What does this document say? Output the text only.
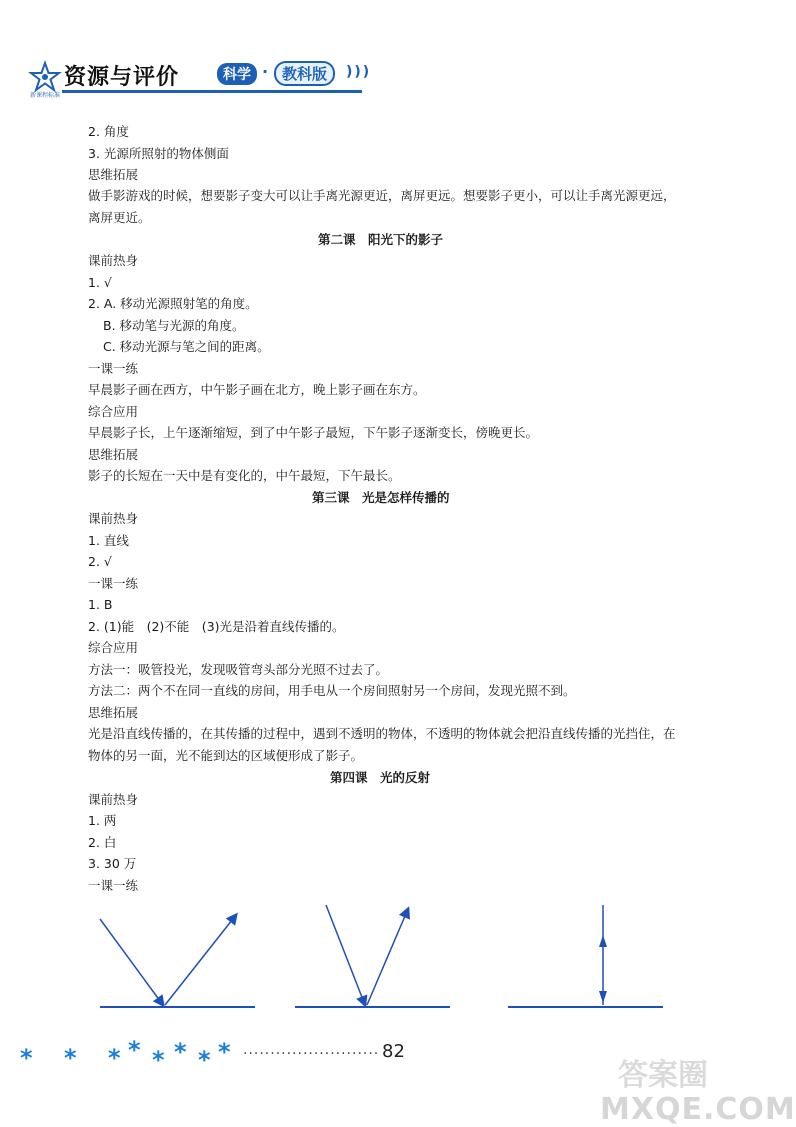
新课程标准
资源与评价	科学 · 教科版	)))
2. 角度
3. 光源所照射的物体侧面
思维拓展
做手影游戏的时候，想要影子变大可以让手离光源更近，离屏更远。想要影子更小，可以让手离光源更远，
离屏更近。
第二课　阳光下的影子
课前热身
1. √
2. A. 移动光源照射笔的角度。
B. 移动笔与光源的角度。
C. 移动光源与笔之间的距离。
一课一练
早晨影子画在西方，中午影子画在北方，晚上影子画在东方。
综合应用
早晨影子长，上午逐渐缩短，到了中午影子最短，下午影子逐渐变长，傍晚更长。
思维拓展
影子的长短在一天中是有变化的，中午最短，下午最长。
第三课　光是怎样传播的
课前热身
1. 直线
2. √
一课一练
1. B
2. (1)能　(2)不能　(3)光是沿着直线传播的。
综合应用
方法一：吸管投光，发现吸管弯头部分光照不过去了。
方法二：两个不在同一直线的房间，用手电从一个房间照射另一个房间，发现光照不到。
思维拓展
光是沿直线传播的，在其传播的过程中，遇到不透明的物体，不透明的物体就会把沿直线传播的光挡住，在
物体的另一面，光不能到达的区域便形成了影子。
第四课　光的反射
课前热身
1. 两
2. 白
3. 30 万
一课一练
* * * * * * * * ························· 82
答案圈
MXQE.COM
